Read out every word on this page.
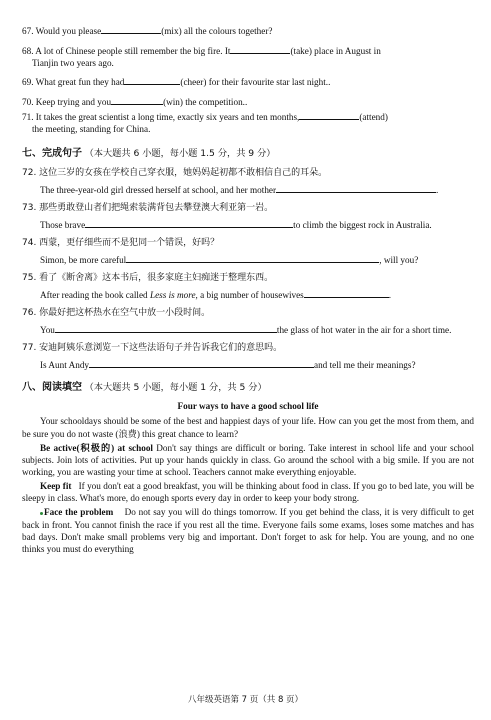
67. Would you please	(mix) all the colours together?

68. A lot of Chinese people still remember the big fire. It	(take) place in August in
Tianjin two years ago.

69. What great fun they had	(cheer) for their favourite star last night..

70. Keep trying and you	(win) the competition..

71. It takes the great scientist a long time, exactly six years and ten months,	(attend)
the meeting, standing for China.

七、完成句子 （本大题共 6 小题，每小题 1.5 分，共 9 分）

72. 这位三岁的女孩在学校自己穿衣服，她妈妈起初都不敢相信自己的耳朵。

The three-year-old girl dressed herself at school, and her mother	.

73. 那些勇敢登山者们把绳索装满背包去攀登澳大利亚第一岩。

Those brave	to climb the biggest rock in Australia.

74. 西蒙，更仔细些而不是犯同一个错误，好吗？

Simon, be more careful	, will you?

75. 看了《断舍离》这本书后，很多家庭主妇痴迷于整理东西。

After reading the book called Less is more, a big number of housewives	.

76. 你最好把这杯热水在空气中放一小段时间。

You	the glass of hot water in the air for a short time.

77. 安迪阿姨乐意浏览一下这些法语句子并告诉我它们的意思吗。

Is Aunt Andy	and tell me their meanings?

八、阅读填空 （本大题共 5 小题，每小题 1 分，共 5 分）
Four ways to have a good school life

Your schooldays should be some of the best and happiest days of your life. How can you get the most from them, and be sure you do not waste (浪费) this great chance to learn?

Be active(积极的) at school Don't say things are difficult or boring. Take interest in school life and your school subjects. Join lots of activities. Put up your hands quickly in class. Go around the school with a big smile. If you are not working, you are wasting your time at school. Teachers cannot make everything enjoyable.

Keep fit   If you don't eat a good breakfast, you will be thinking about food in class. If you go to bed late, you will be sleepy in class. What's more, do enough sports every day in order to keep your body strong.

Face the problem    Do not say you will do things tomorrow. If you get behind the class, it is very difficult to get back in front. You cannot finish the race if you rest all the time. Everyone fails some exams, loses some matches and has bad days. Don't make small problems very big and important. Don't forget to ask for help. You are young, and no one thinks you must do everything

八年级英语第 7 页（共 8 页）
